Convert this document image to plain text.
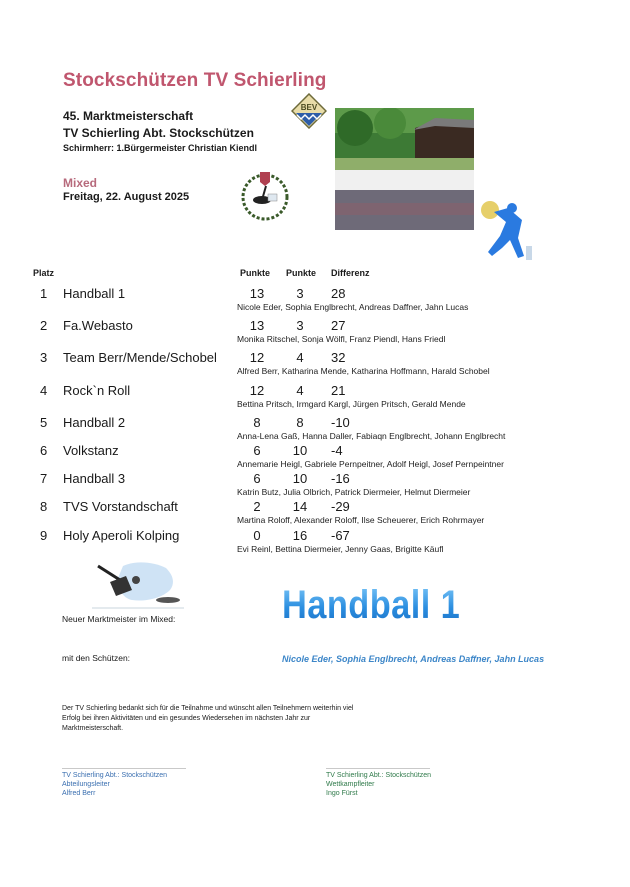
Stockschützen TV Schierling
45. Marktmeisterschaft
TV Schierling Abt. Stockschützen
Schirmherr: 1.Bürgermeister Christian Kiendl
Mixed
Freitag, 22. August 2025
BEV
Platz	Punkte Punkte Differenz
1 Handball 1	13	3	28
Nicole Eder, Sophia Englbrecht, Andreas Daffner, Jahn Lucas
2 Fa.Webasto	13	3	27
Monika Ritschel, Sonja Wölfl, Franz Piendl, Hans Friedl
3 Team Berr/Mende/Schobel	12	4	32
Alfred Berr, Katharina Mende, Katharina Hoffmann, Harald Schobel
4 Rock`n Roll	12	4	21
Bettina Pritsch, Irmgard Kargl, Jürgen Pritsch, Gerald Mende
5 Handball 2	8	8	-10
Anna-Lena Gaß, Hanna Daller, Fabiaqn Englbrecht, Johann Englbrecht
6 Volkstanz	6	10 -4
Annemarie Heigl, Gabriele Pernpeitner, Adolf Heigl, Josef Pernpeintner
7 Handball 3	6	10 -16
Katrin Butz, Julia Olbrich, Patrick Diermeier, Helmut Diermeier
8 TVS Vorstandschaft	2	14 -29
Martina Roloff, Alexander Roloff, Ilse Scheuerer, Erich Rohrmayer
9 Holy Aperoli Kolping	0	16 -67
Evi Reinl, Bettina Diermeier, Jenny Gaas, Brigitte Käufl
Neuer Marktmeister im Mixed:	Handball 1
mit den Schützen:	Nicole Eder, Sophia Englbrecht, Andreas Daffner, Jahn Lucas
Der TV Schierling bedankt sich für die Teilnahme und wünscht allen Teilnehmern weiterhin viel Erfolg bei ihren Aktivitäten und ein gesundes Wiedersehen im nächsten Jahr zur Marktmeisterschaft.
TV Schierling Abt.: Stockschützen
Abteilungsleiter
Alfred Berr
TV Schierling Abt.: Stockschützen
Wettkampfleiter
Ingo Fürst
